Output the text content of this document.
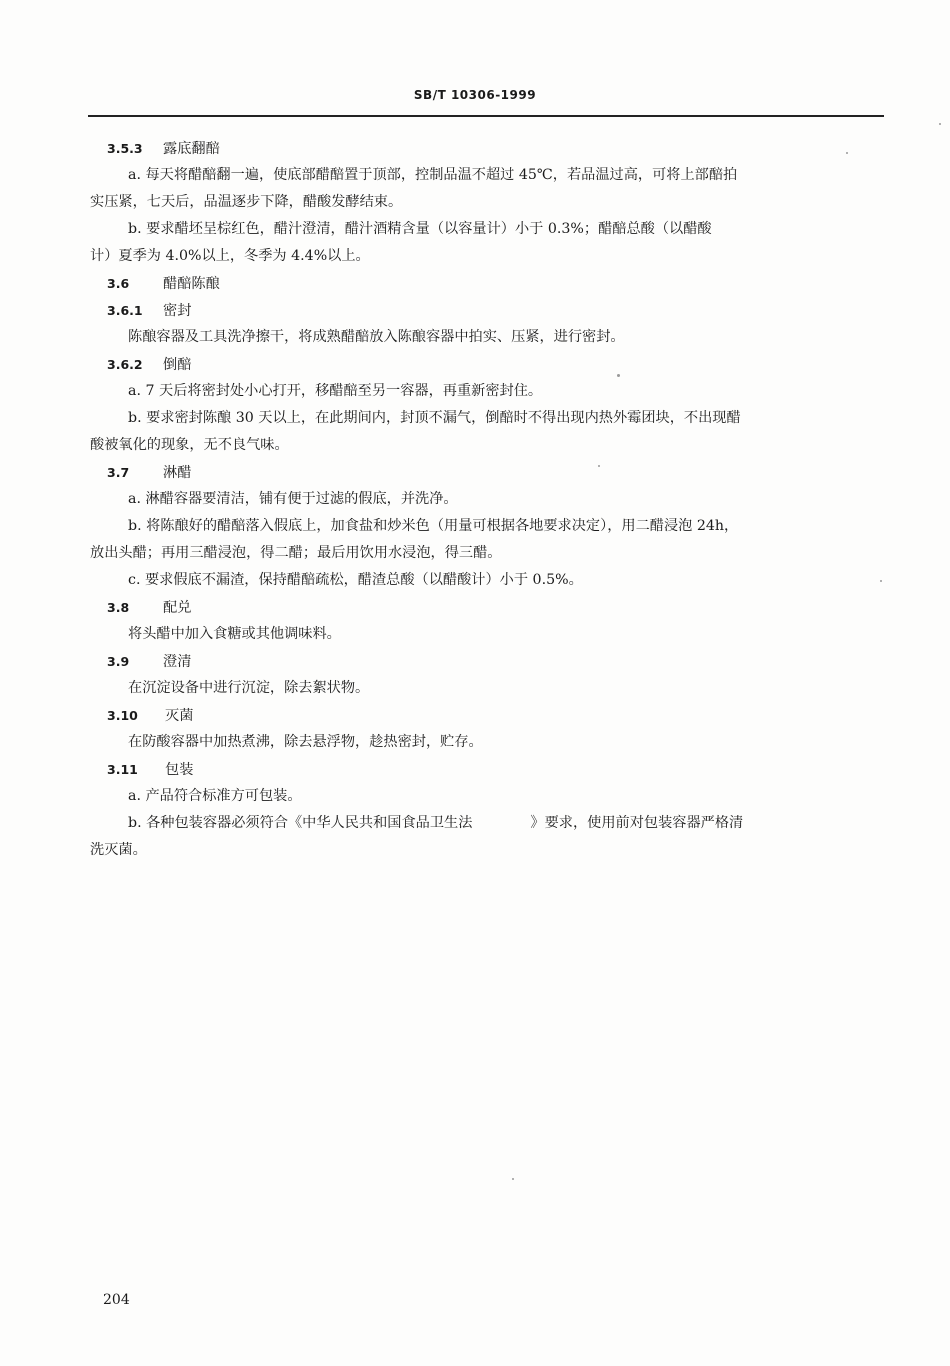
SB/T 10306-1999
3.5.3 露底翻醅
a. 每天将醋醅翻一遍，使底部醋醅置于顶部，控制品温不超过 45℃，若品温过高，可将上部醅拍
实压紧，七天后，品温逐步下降，醋酸发酵结束。
b. 要求醋坯呈棕红色，醋汁澄清，醋汁酒精含量（以容量计）小于 0.3%；醋醅总酸（以醋酸
计）夏季为 4.0%以上，冬季为 4.4%以上。
3.6 醋醅陈酿
3.6.1 密封
陈酿容器及工具洗净擦干，将成熟醋醅放入陈酿容器中拍实、压紧，进行密封。
3.6.2 倒醅
a. 7 天后将密封处小心打开，移醋醅至另一容器，再重新密封住。
b. 要求密封陈酿 30 天以上，在此期间内，封顶不漏气，倒醅时不得出现内热外霉团块，不出现醋
酸被氧化的现象，无不良气味。
3.7 淋醋
a. 淋醋容器要清洁，铺有便于过滤的假底，并洗净。
b. 将陈酿好的醋醅落入假底上，加食盐和炒米色（用量可根据各地要求决定），用二醋浸泡 24h，
放出头醋；再用三醋浸泡，得二醋；最后用饮用水浸泡，得三醋。
c. 要求假底不漏渣，保持醋醅疏松，醋渣总酸（以醋酸计）小于 0.5%。
3.8 配兑
将头醋中加入食糖或其他调味料。
3.9 澄清
在沉淀设备中进行沉淀，除去絮状物。
3.10 灭菌
在防酸容器中加热煮沸，除去悬浮物，趁热密封，贮存。
3.11 包装
a. 产品符合标准方可包装。
b. 各种包装容器必须符合《中华人民共和国食品卫生法	》要求，使用前对包装容器严格清
洗灭菌。
204
